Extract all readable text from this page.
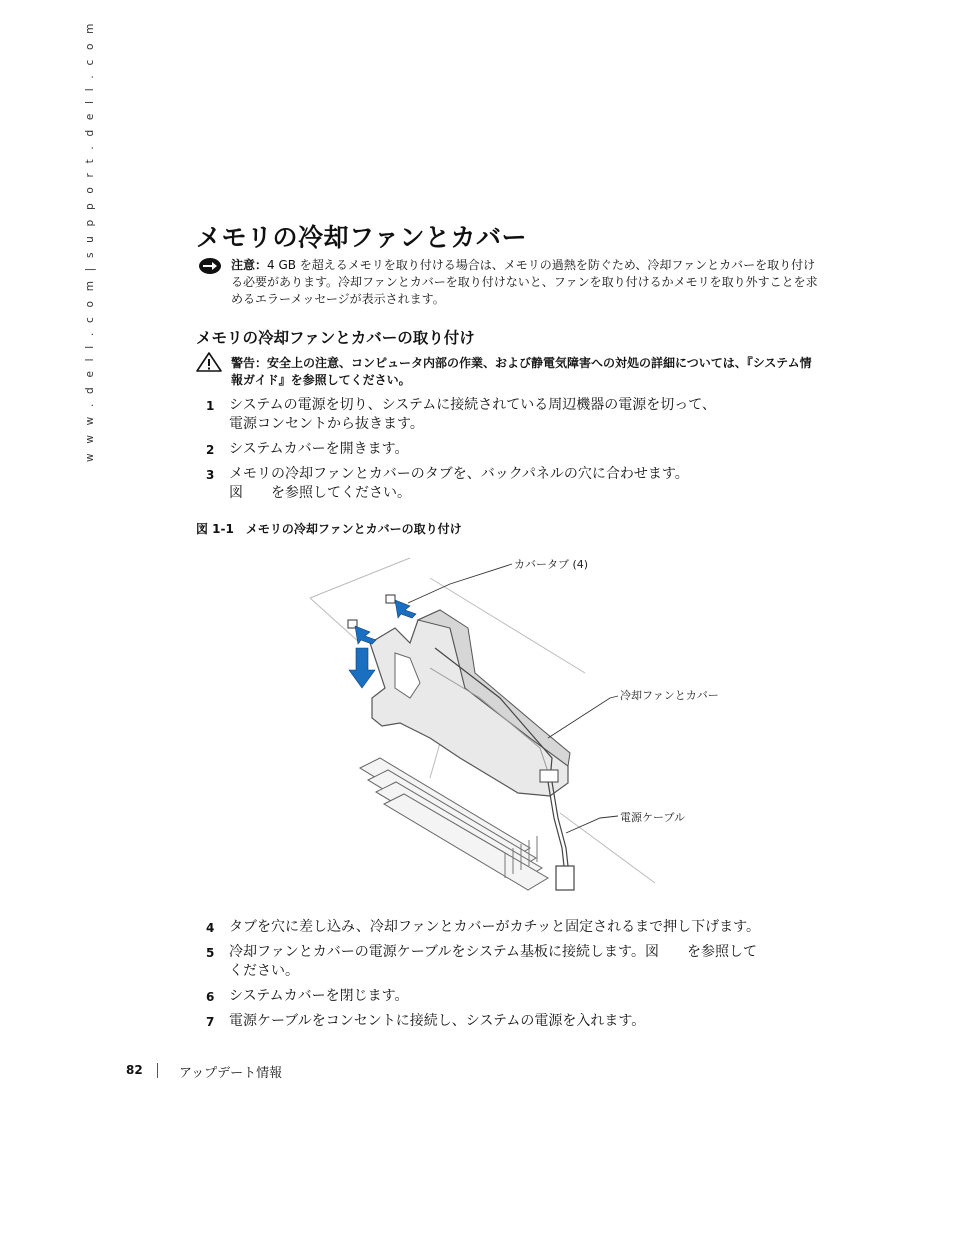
w w w . d e l l . c o m | s u p p o r t . d e l l . c o m	メモリの冷却ファンとカバー
注意：4 GB を超えるメモリを取り付ける場合は、メモリの過熱を防ぐため、冷却ファンとカバーを取り付ける必要があります。冷却ファンとカバーを取り付けないと、ファンを取り付けるかメモリを取り外すことを求めるエラーメッセージが表示されます。
メモリの冷却ファンとカバーの取り付け
警告：安全上の注意、コンピュータ内部の作業、および静電気障害への対処の詳細については、『システム情報ガイド』を参照してください。
1 システムの電源を切り、システムに接続されている周辺機器の電源を切って、
電源コンセントから抜きます。
2 システムカバーを開きます。
3 メモリの冷却ファンとカバーのタブを、バックパネルの穴に合わせます。
図　　を参照してください。
図 1-1 メモリの冷却ファンとカバーの取り付け
カバータブ (4)
冷却ファンとカバー
電源ケーブル
4 タブを穴に差し込み、冷却ファンとカバーがカチッと固定されるまで押し下げます。
5 冷却ファンとカバーの電源ケーブルをシステム基板に接続します。図　　を参照して
ください。
6 システムカバーを閉じます。
7 電源ケーブルをコンセントに接続し、システムの電源を入れます。
82	アップデート情報
